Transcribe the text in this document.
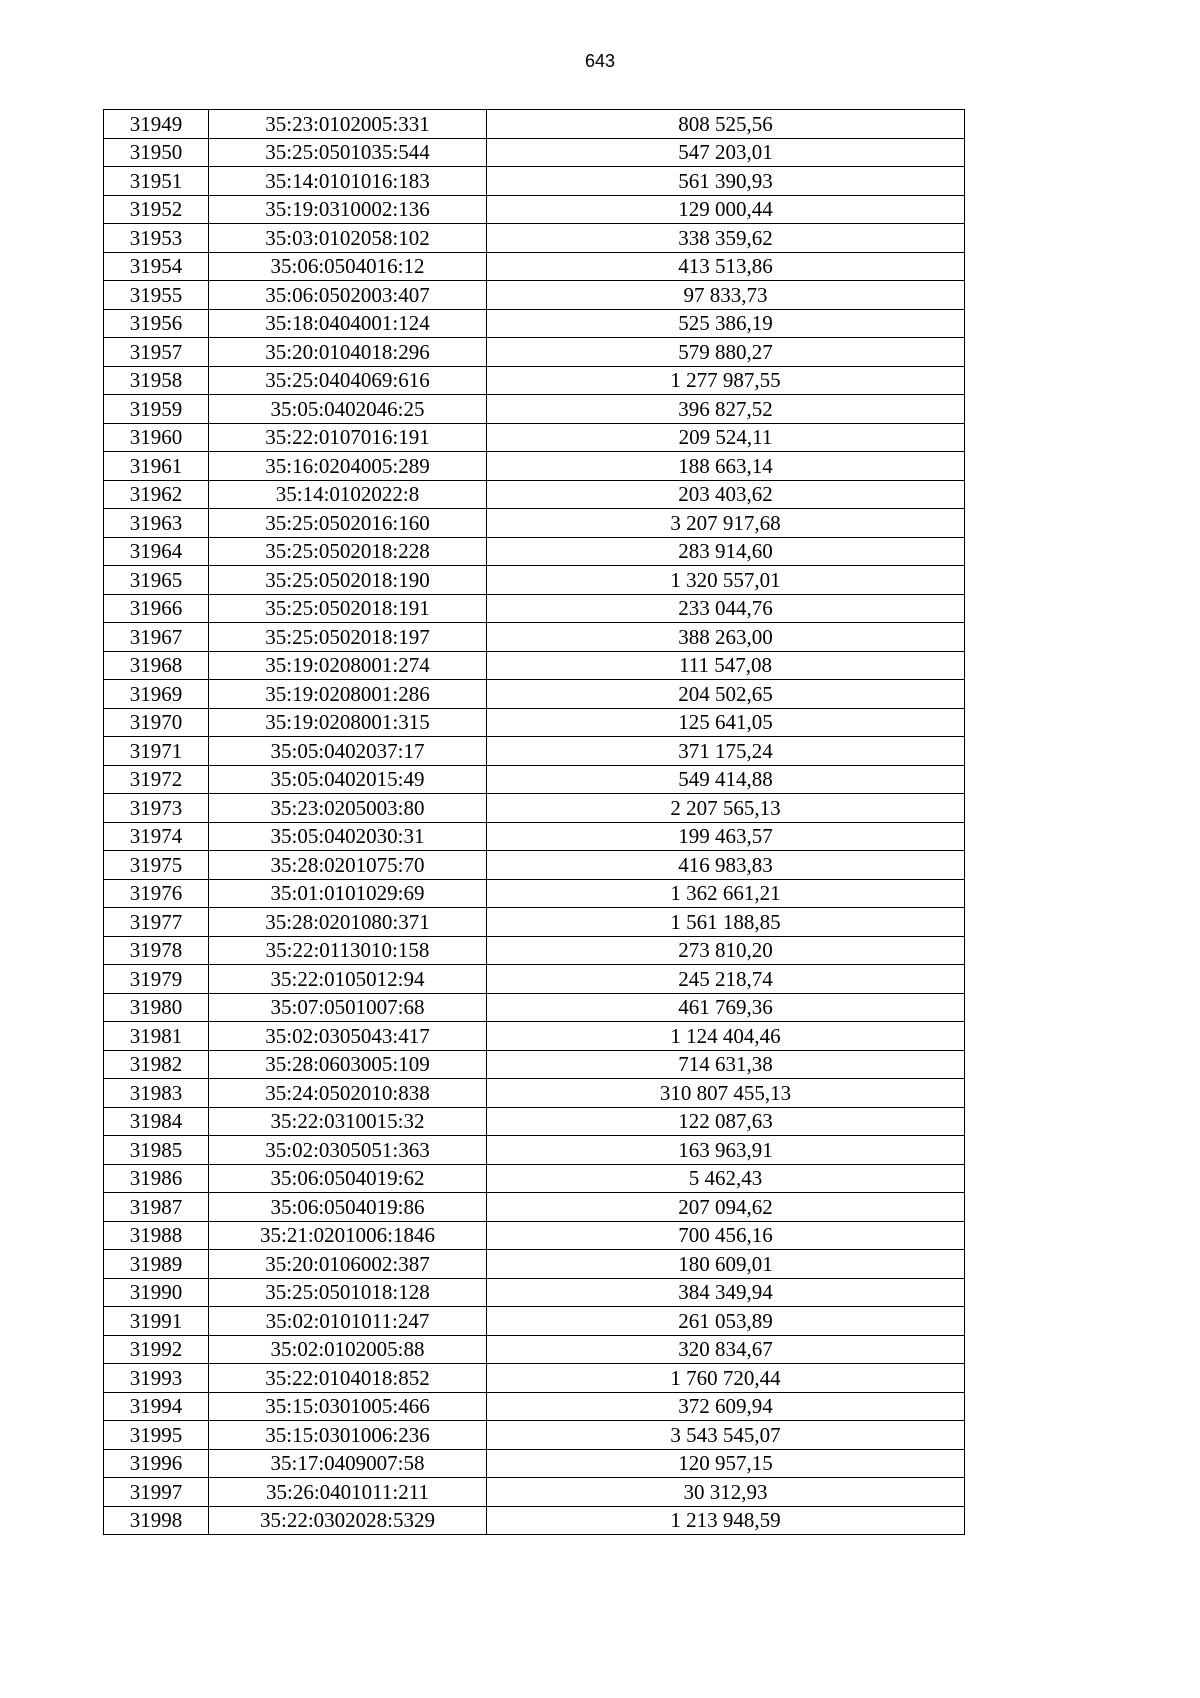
643
31949	35:23:0102005:331	808 525,56
31950	35:25:0501035:544	547 203,01
31951	35:14:0101016:183	561 390,93
31952	35:19:0310002:136	129 000,44
31953	35:03:0102058:102	338 359,62
31954	35:06:0504016:12	413 513,86
31955	35:06:0502003:407	97 833,73
31956	35:18:0404001:124	525 386,19
31957	35:20:0104018:296	579 880,27
31958	35:25:0404069:616	1 277 987,55
31959	35:05:0402046:25	396 827,52
31960	35:22:0107016:191	209 524,11
31961	35:16:0204005:289	188 663,14
31962	35:14:0102022:8	203 403,62
31963	35:25:0502016:160	3 207 917,68
31964	35:25:0502018:228	283 914,60
31965	35:25:0502018:190	1 320 557,01
31966	35:25:0502018:191	233 044,76
31967	35:25:0502018:197	388 263,00
31968	35:19:0208001:274	111 547,08
31969	35:19:0208001:286	204 502,65
31970	35:19:0208001:315	125 641,05
31971	35:05:0402037:17	371 175,24
31972	35:05:0402015:49	549 414,88
31973	35:23:0205003:80	2 207 565,13
31974	35:05:0402030:31	199 463,57
31975	35:28:0201075:70	416 983,83
31976	35:01:0101029:69	1 362 661,21
31977	35:28:0201080:371	1 561 188,85
31978	35:22:0113010:158	273 810,20
31979	35:22:0105012:94	245 218,74
31980	35:07:0501007:68	461 769,36
31981	35:02:0305043:417	1 124 404,46
31982	35:28:0603005:109	714 631,38
31983	35:24:0502010:838	310 807 455,13
31984	35:22:0310015:32	122 087,63
31985	35:02:0305051:363	163 963,91
31986	35:06:0504019:62	5 462,43
31987	35:06:0504019:86	207 094,62
31988	35:21:0201006:1846	700 456,16
31989	35:20:0106002:387	180 609,01
31990	35:25:0501018:128	384 349,94
31991	35:02:0101011:247	261 053,89
31992	35:02:0102005:88	320 834,67
31993	35:22:0104018:852	1 760 720,44
31994	35:15:0301005:466	372 609,94
31995	35:15:0301006:236	3 543 545,07
31996	35:17:0409007:58	120 957,15
31997	35:26:0401011:211	30 312,93
31998	35:22:0302028:5329	1 213 948,59
